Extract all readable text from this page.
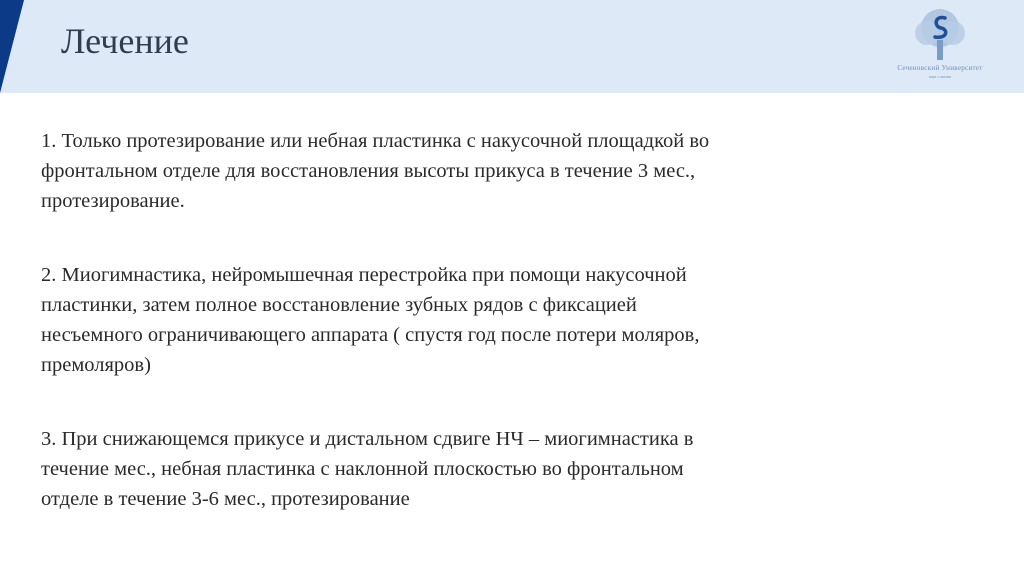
Лечение
Сеченовский Университет
наук о жизни

1. Только протезирование или небная пластинка с накусочной площадкой во
фронтальном отделе для восстановления высоты прикуса в течение 3 мес.,
протезирование.

2. Миогимнастика, нейромышечная перестройка при помощи накусочной
пластинки, затем полное восстановление зубных рядов с фиксацией
несъемного ограничивающего аппарата ( спустя год после потери моляров,
премоляров)

3. При снижающемся прикусе и дистальном сдвиге НЧ – миогимнастика в
течение мес., небная пластинка с наклонной плоскостью во фронтальном
отделе в течение 3-6 мес., протезирование
